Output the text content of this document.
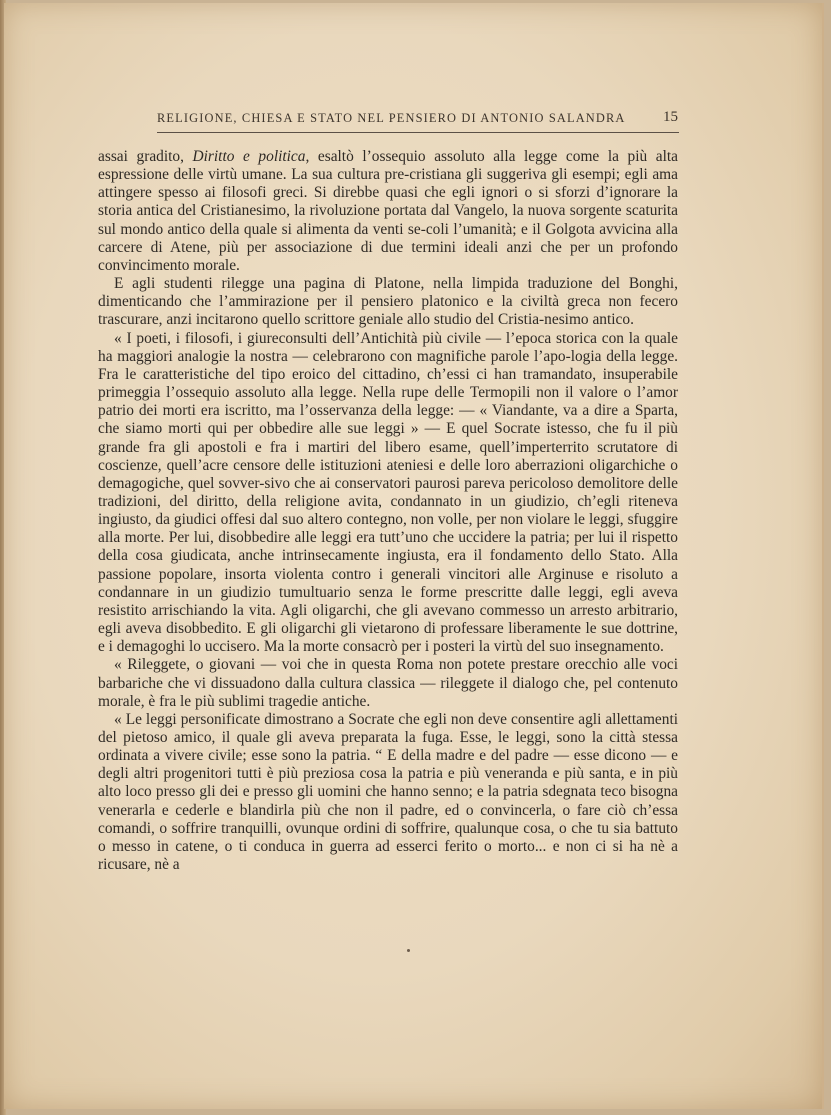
RELIGIONE, CHIESA E STATO NEL PENSIERO DI ANTONIO SALANDRA 15

assai gradito, Diritto e politica, esaltò l’ossequio assoluto alla legge come la più alta espressione delle virtù umane. La sua cultura pre-cristiana gli suggeriva gli esempi; egli ama attingere spesso ai filosofi greci. Si direbbe quasi che egli ignori o si sforzi d’ignorare la storia antica del Cristianesimo, la rivoluzione portata dal Vangelo, la nuova sorgente scaturita sul mondo antico della quale si alimenta da venti se-coli l’umanità; e il Golgota avvicina alla carcere di Atene, più per associazione di due termini ideali anzi che per un profondo convincimento morale.

E agli studenti rilegge una pagina di Platone, nella limpida traduzione del Bonghi, dimenticando che l’ammirazione per il pensiero platonico e la civiltà greca non fecero trascurare, anzi incitarono quello scrittore geniale allo studio del Cristia-nesimo antico.

« I poeti, i filosofi, i giureconsulti dell’Antichità più civile — l’epoca storica con la quale ha maggiori analogie la nostra — celebrarono con magnifiche parole l’apo-logia della legge. Fra le caratteristiche del tipo eroico del cittadino, ch’essi ci han tramandato, insuperabile primeggia l’ossequio assoluto alla legge. Nella rupe delle Termopili non il valore o l’amor patrio dei morti era iscritto, ma l’osservanza della legge: — « Viandante, va a dire a Sparta, che siamo morti qui per obbedire alle sue leggi » — E quel Socrate istesso, che fu il più grande fra gli apostoli e fra i martiri del libero esame, quell’imperterrito scrutatore di coscienze, quell’acre censore delle istituzioni ateniesi e delle loro aberrazioni oligarchiche o demagogiche, quel sovver-sivo che ai conservatori paurosi pareva pericoloso demolitore delle tradizioni, del diritto, della religione avita, condannato in un giudizio, ch’egli riteneva ingiusto, da giudici offesi dal suo altero contegno, non volle, per non violare le leggi, sfuggire alla morte. Per lui, disobbedire alle leggi era tutt’uno che uccidere la patria; per lui il rispetto della cosa giudicata, anche intrinsecamente ingiusta, era il fondamento dello Stato. Alla passione popolare, insorta violenta contro i generali vincitori alle Arginuse e risoluto a condannare in un giudizio tumultuario senza le forme prescritte dalle leggi, egli aveva resistito arrischiando la vita. Agli oligarchi, che gli avevano commesso un arresto arbitrario, egli aveva disobbedito. E gli oligarchi gli vietarono di professare liberamente le sue dottrine, e i demagoghi lo uccisero. Ma la morte consacrò per i posteri la virtù del suo insegnamento.

« Rileggete, o giovani — voi che in questa Roma non potete prestare orecchio alle voci barbariche che vi dissuadono dalla cultura classica — rileggete il dialogo che, pel contenuto morale, è fra le più sublimi tragedie antiche.

« Le leggi personificate dimostrano a Socrate che egli non deve consentire agli allettamenti del pietoso amico, il quale gli aveva preparata la fuga. Esse, le leggi, sono la città stessa ordinata a vivere civile; esse sono la patria. “ E della madre e del padre — esse dicono — e degli altri progenitori tutti è più preziosa cosa la patria e più veneranda e più santa, e in più alto loco presso gli dei e presso gli uomini che hanno senno; e la patria sdegnata teco bisogna venerarla e cederle e blandirla più che non il padre, ed o convincerla, o fare ciò ch’essa comandi, o soffrire tranquilli, ovunque ordini di soffrire, qualunque cosa, o che tu sia battuto o messo in catene, o ti conduca in guerra ad esserci ferito o morto... e non ci si ha nè a ricusare, nè a
